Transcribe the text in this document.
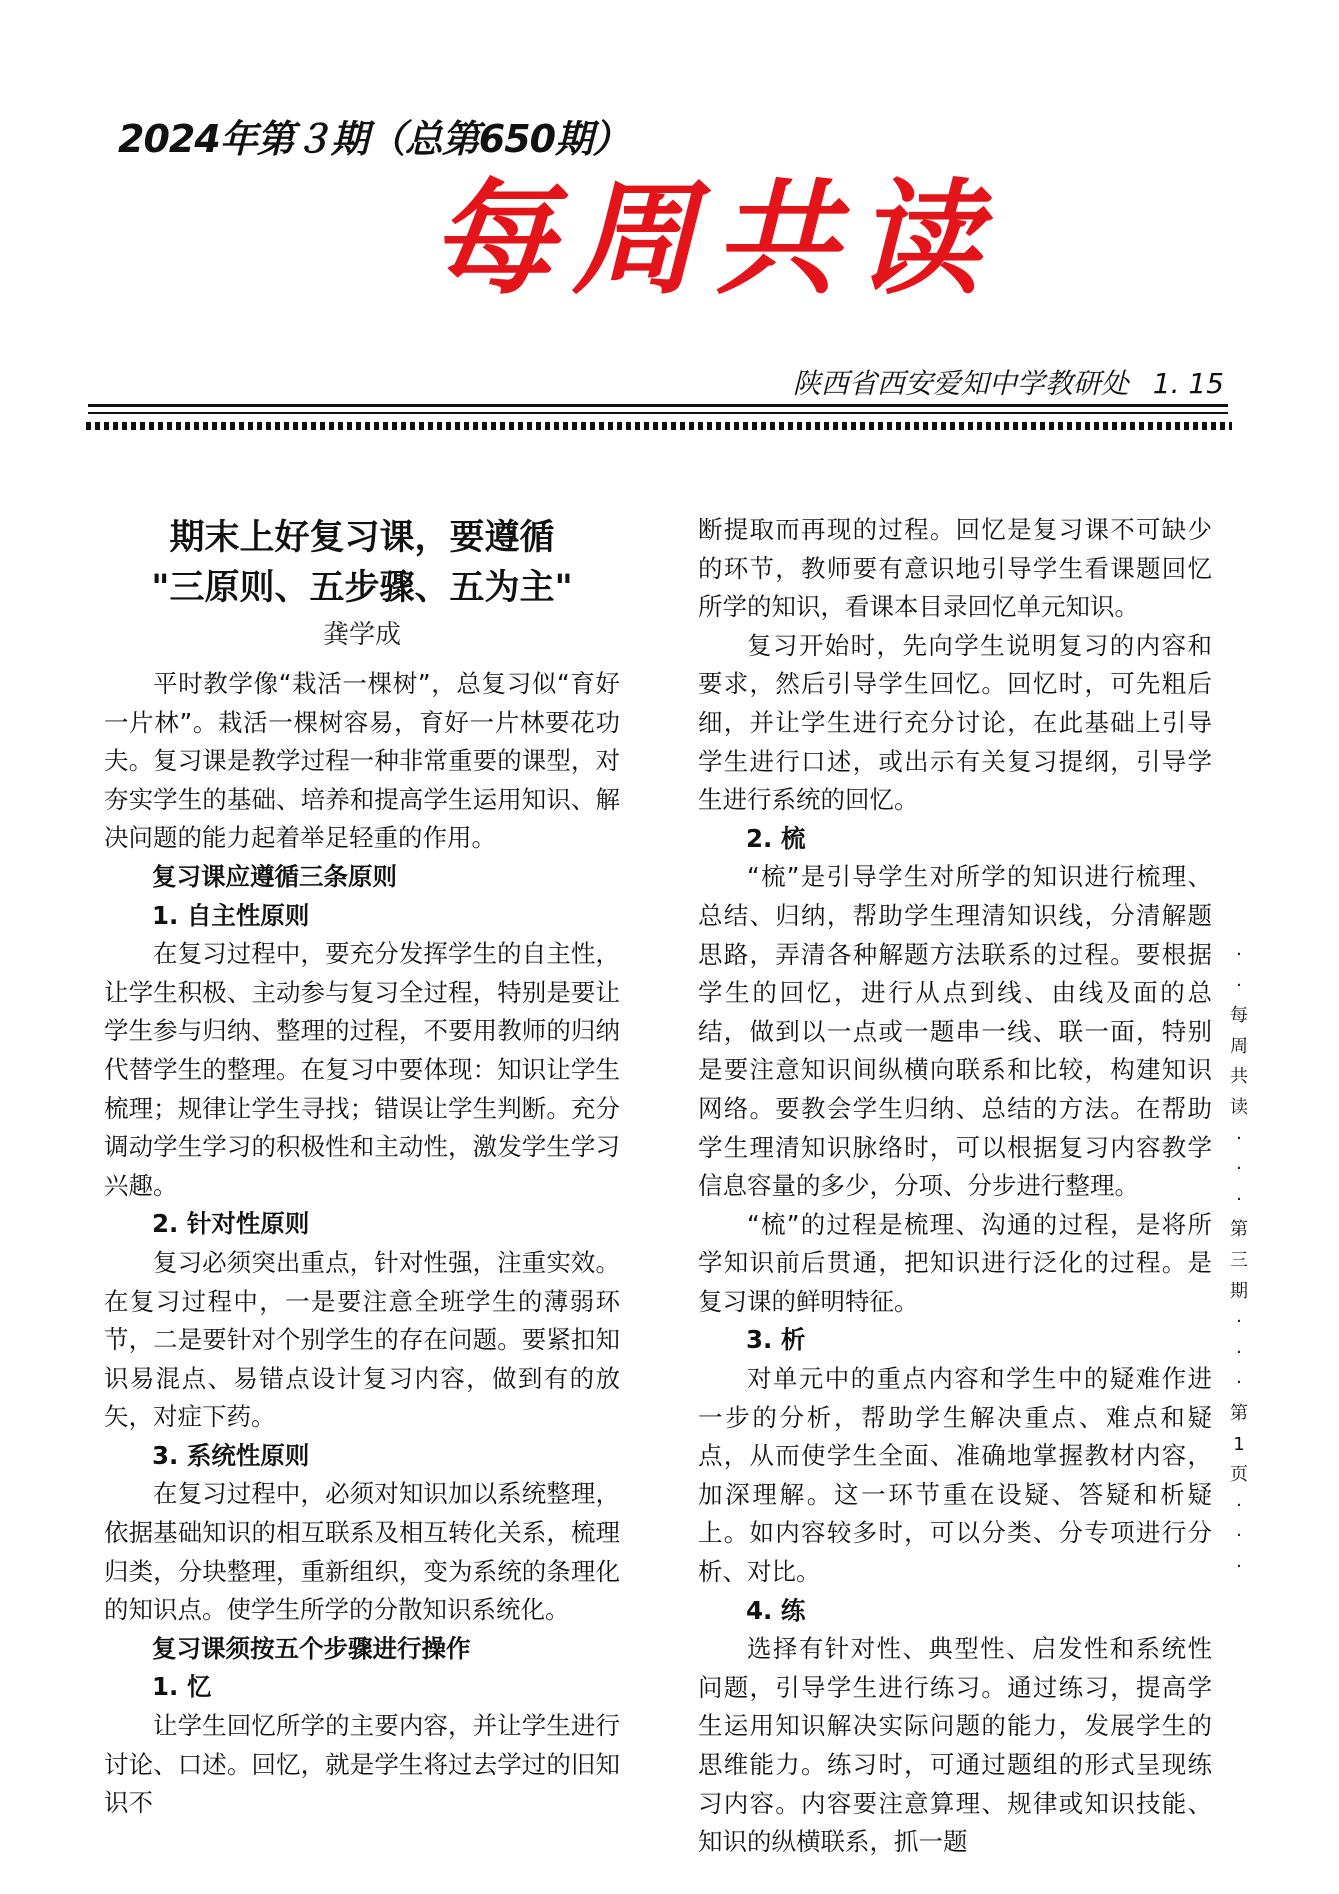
2024年第３期（总第650期）
每周共读
陕西省西安爱知中学教研处 1. 15
期末上好复习课，要遵循
"三原则、五步骤、五为主"
龚学成

平时教学像“栽活一棵树”，总复习似“育好一片林”。栽活一棵树容易，育好一片林要花功夫。复习课是教学过程一种非常重要的课型，对夯实学生的基础、培养和提高学生运用知识、解决问题的能力起着举足轻重的作用。

复习课应遵循三条原则
1. 自主性原则

在复习过程中，要充分发挥学生的自主性，让学生积极、主动参与复习全过程，特别是要让学生参与归纳、整理的过程，不要用教师的归纳代替学生的整理。在复习中要体现：知识让学生梳理；规律让学生寻找；错误让学生判断。充分调动学生学习的积极性和主动性，激发学生学习兴趣。

2. 针对性原则

复习必须突出重点，针对性强，注重实效。在复习过程中，一是要注意全班学生的薄弱环节，二是要针对个别学生的存在问题。要紧扣知识易混点、易错点设计复习内容，做到有的放矢，对症下药。

3. 系统性原则

在复习过程中，必须对知识加以系统整理，依据基础知识的相互联系及相互转化关系，梳理归类，分块整理，重新组织，变为系统的条理化的知识点。使学生所学的分散知识系统化。

复习课须按五个步骤进行操作
1. 忆

让学生回忆所学的主要内容，并让学生进行讨论、口述。回忆，就是学生将过去学过的旧知识不

断提取而再现的过程。回忆是复习课不可缺少的环节，教师要有意识地引导学生看课题回忆所学的知识，看课本目录回忆单元知识。

复习开始时，先向学生说明复习的内容和要求，然后引导学生回忆。回忆时，可先粗后细，并让学生进行充分讨论，在此基础上引导学生进行口述，或出示有关复习提纲，引导学生进行系统的回忆。

2. 梳

“梳”是引导学生对所学的知识进行梳理、总结、归纳，帮助学生理清知识线，分清解题思路，弄清各种解题方法联系的过程。要根据学生的回忆，进行从点到线、由线及面的总结，做到以一点或一题串一线、联一面，特别是要注意知识间纵横向联系和比较，构建知识网络。要教会学生归纳、总结的方法。在帮助学生理清知识脉络时，可以根据复习内容教学信息容量的多少，分项、分步进行整理。

“梳”的过程是梳理、沟通的过程，是将所学知识前后贯通，把知识进行泛化的过程。是复习课的鲜明特征。

3. 析

对单元中的重点内容和学生中的疑难作进一步的分析，帮助学生解决重点、难点和疑点，从而使学生全面、准确地掌握教材内容，加深理解。这一环节重在设疑、答疑和析疑上。如内容较多时，可以分类、分专项进行分析、对比。

4. 练

选择有针对性、典型性、启发性和系统性问题，引导学生进行练习。通过练习，提高学生运用知识解决实际问题的能力，发展学生的思维能力。练习时，可通过题组的形式呈现练习内容。内容要注意算理、规律或知识技能、知识的纵横联系，抓一题

·
·
每
周
共
读
·
·
·
第
三
期
·
·
·
第
1
页
·
·
·
